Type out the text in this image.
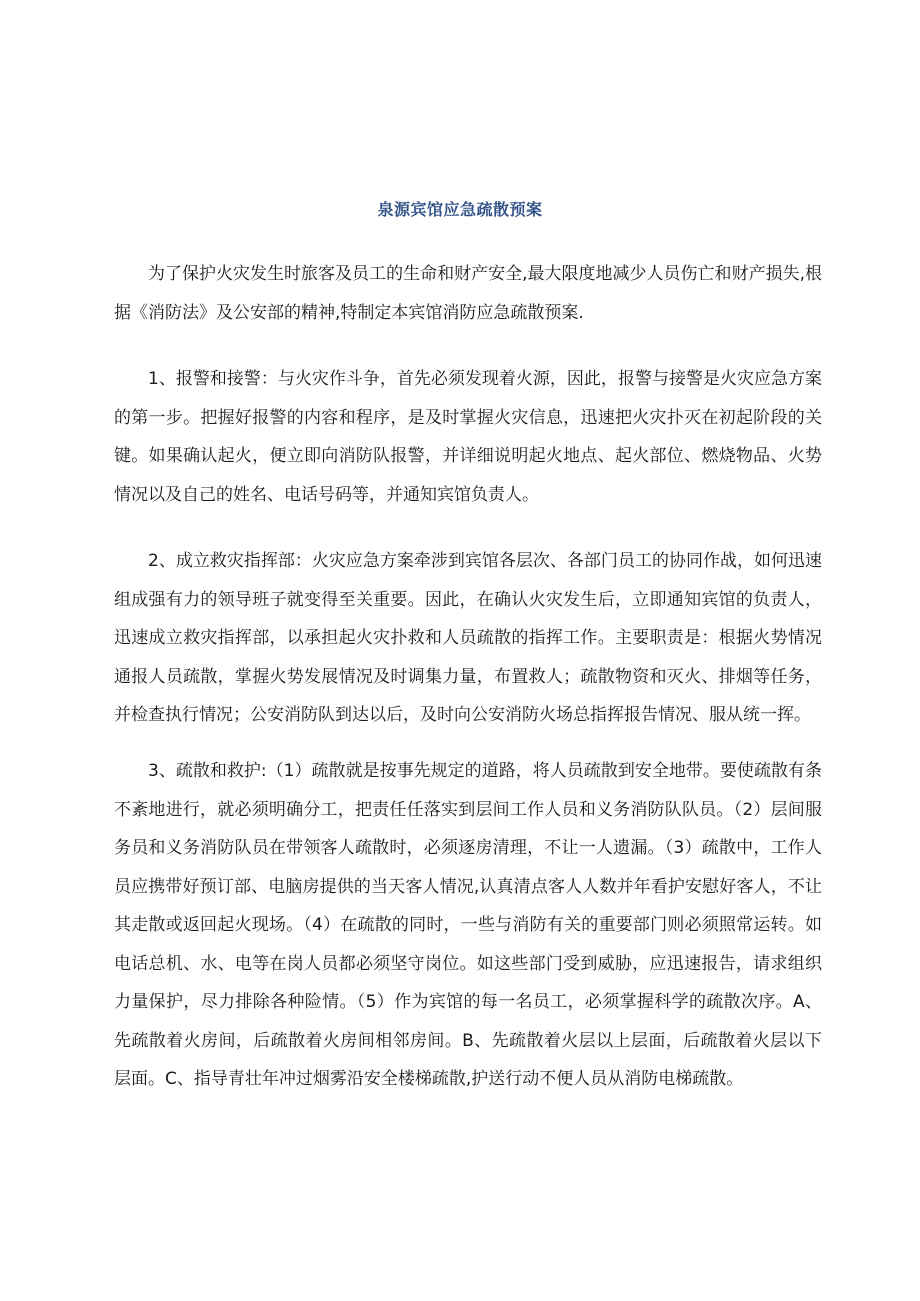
泉源宾馆应急疏散预案

为了保护火灾发生时旅客及员工的生命和财产安全,最大限度地减少人员伤亡和财产损失,根据《消防法》及公安部的精神,特制定本宾馆消防应急疏散预案.

1、报警和接警：与火灾作斗争，首先必须发现着火源，因此，报警与接警是火灾应急方案的第一步。把握好报警的内容和程序，是及时掌握火灾信息，迅速把火灾扑灭在初起阶段的关键。如果确认起火，便立即向消防队报警，并详细说明起火地点、起火部位、燃烧物品、火势情况以及自己的姓名、电话号码等，并通知宾馆负责人。

2、成立救灾指挥部：火灾应急方案牵涉到宾馆各层次、各部门员工的协同作战，如何迅速组成强有力的领导班子就变得至关重要。因此，在确认火灾发生后，立即通知宾馆的负责人，迅速成立救灾指挥部，以承担起火灾扑救和人员疏散的指挥工作。主要职责是：根据火势情况通报人员疏散，掌握火势发展情况及时调集力量，布置救人；疏散物资和灭火、排烟等任务，并检查执行情况；公安消防队到达以后，及时向公安消防火场总指挥报告情况、服从统一挥。

3、疏散和救护:（1）疏散就是按事先规定的道路，将人员疏散到安全地带。要使疏散有条不紊地进行，就必须明确分工，把责任任落实到层间工作人员和义务消防队队员。（2）层间服务员和义务消防队员在带领客人疏散时，必须逐房清理，不让一人遗漏。（3）疏散中，工作人员应携带好预订部、电脑房提供的当天客人情况,认真清点客人人数并年看护安慰好客人，不让其走散或返回起火现场。（4）在疏散的同时，一些与消防有关的重要部门则必须照常运转。如电话总机、水、电等在岗人员都必须坚守岗位。如这些部门受到威胁，应迅速报告，请求组织力量保护，尽力排除各种险情。（5）作为宾馆的每一名员工，必须掌握科学的疏散次序。A、先疏散着火房间，后疏散着火房间相邻房间。B、先疏散着火层以上层面，后疏散着火层以下层面。C、指导青壮年冲过烟雾沿安全楼梯疏散,护送行动不便人员从消防电梯疏散。
